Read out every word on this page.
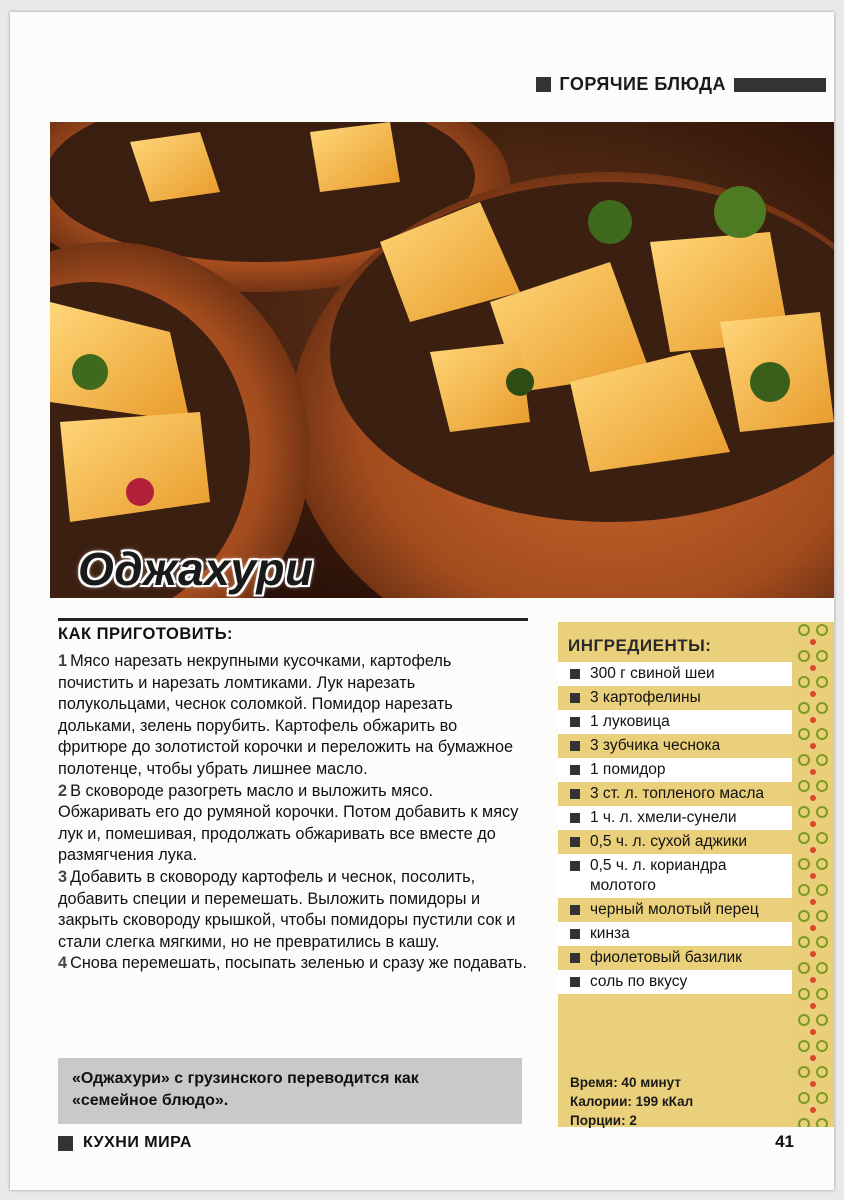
ГОРЯЧИЕ БЛЮДА
Оджахури
КАК ПРИГОТОВИТЬ:

1 Мясо нарезать некрупными кусочками, картофель почистить и нарезать ломтиками. Лук нарезать полукольцами, чеснок соломкой. Помидор нарезать дольками, зелень порубить. Картофель обжарить во фритюре до золотистой корочки и переложить на бумажное полотенце, чтобы убрать лишнее масло.

2 В сковороде разогреть масло и выложить мясо. Обжаривать его до румяной корочки. Потом добавить к мясу лук и, помешивая, продолжать обжаривать все вместе до размягчения лука.

3 Добавить в сковороду картофель и чеснок, посолить, добавить специи и перемешать. Выложить помидоры и закрыть сковороду крышкой, чтобы помидоры пустили сок и стали слегка мягкими, но не превратились в кашу.

4 Снова перемешать, посыпать зеленью и сразу же подавать.

«Оджахури» с грузинского переводится как «семейное блюдо».
ИНГРЕДИЕНТЫ:
300 г свиной шеи
3 картофелины
1 луковица
3 зубчика чеснока
1 помидор
3 ст. л. топленого масла
1 ч. л. хмели-сунели
0,5 ч. л. сухой аджики
0,5 ч. л. кориандра молотого
черный молотый перец
кинза
фиолетовый базилик
соль по вкусу
Время: 40 минут
Калории: 199 кКал
Порции: 2
КУХНИ МИРА	41
